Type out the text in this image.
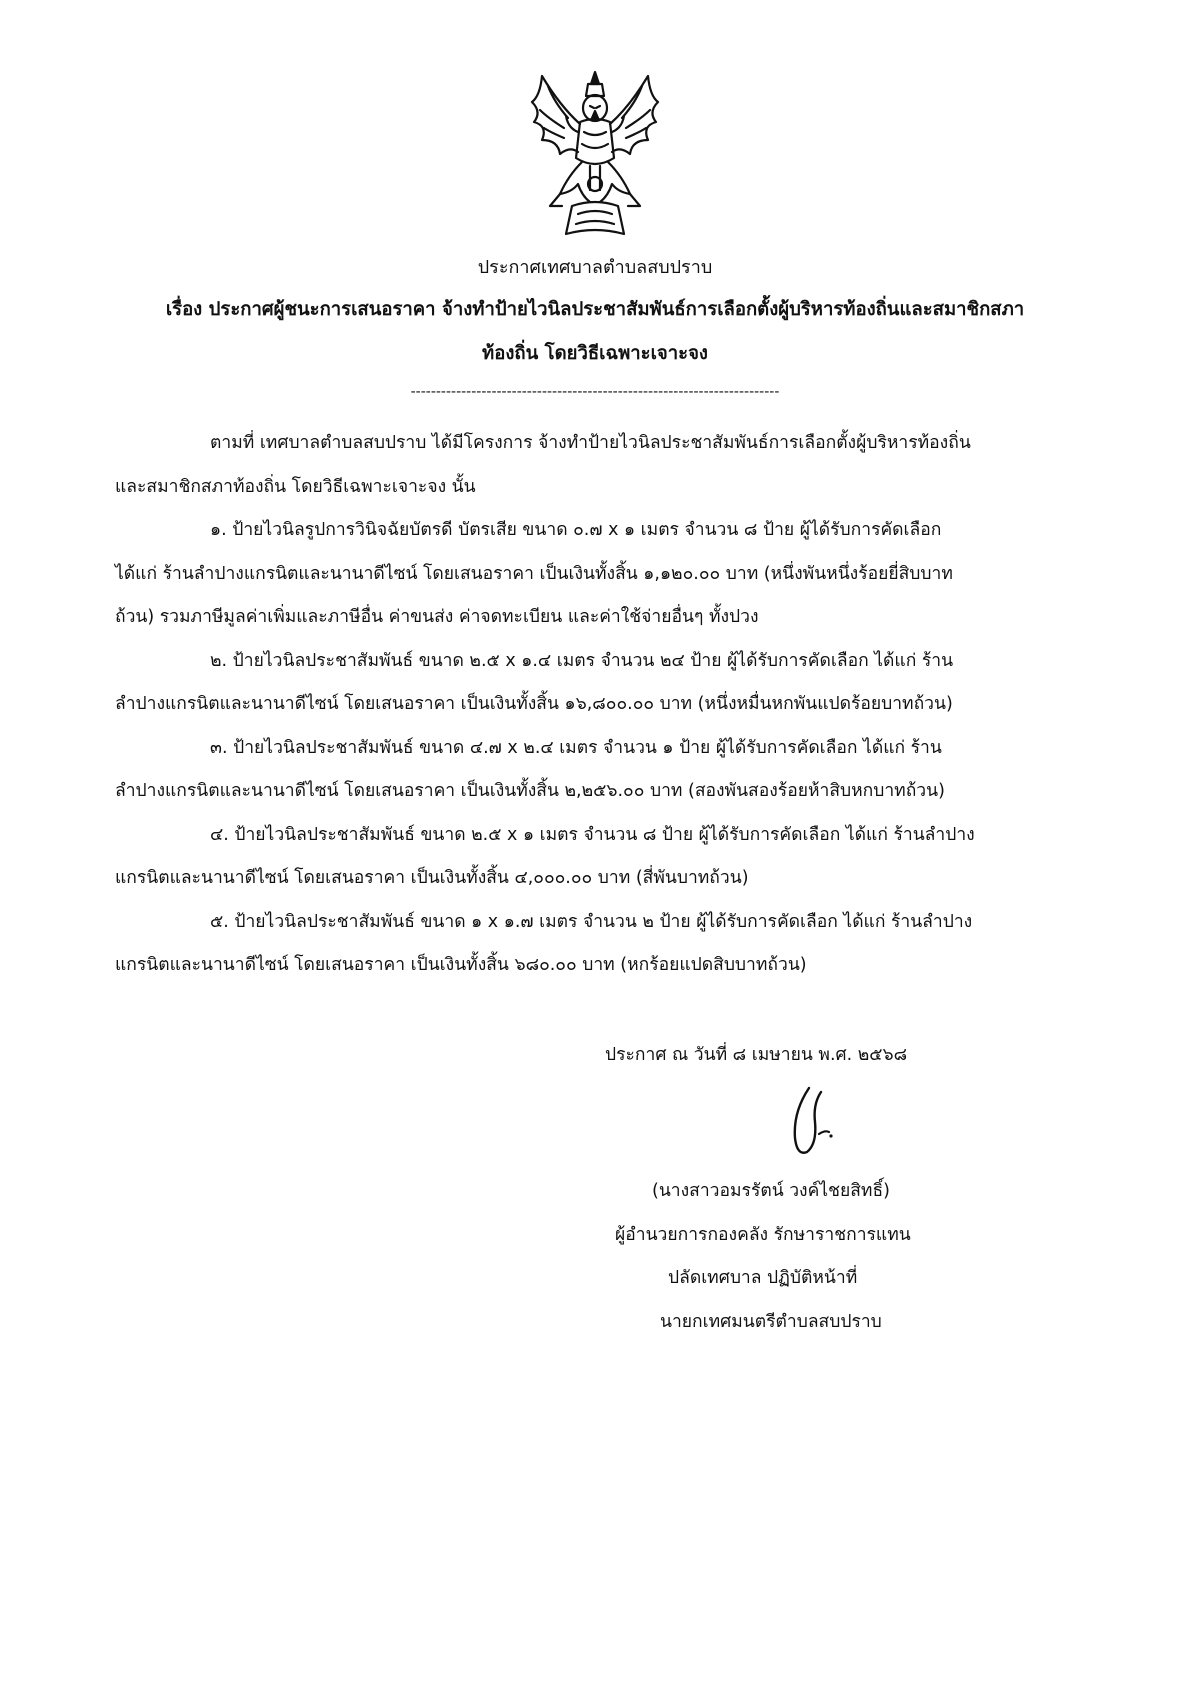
ประกาศเทศบาลตำบลสบปราบ
เรื่อง ประกาศผู้ชนะการเสนอราคา จ้างทำป้ายไวนิลประชาสัมพันธ์การเลือกตั้งผู้บริหารท้องถิ่นและสมาชิกสภา
ท้องถิ่น โดยวิธีเฉพาะเจาะจง
-------------------------------------------------------------------------
ตามที่ เทศบาลตำบลสบปราบ ได้มีโครงการ จ้างทำป้ายไวนิลประชาสัมพันธ์การเลือกตั้งผู้บริหารท้องถิ่น
และสมาชิกสภาท้องถิ่น โดยวิธีเฉพาะเจาะจง นั้น
๑. ป้ายไวนิลรูปการวินิจฉัยบัตรดี บัตรเสีย ขนาด ๐.๗ x ๑ เมตร จำนวน ๘ ป้าย ผู้ได้รับการคัดเลือก
ได้แก่ ร้านลำปางแกรนิตและนานาดีไซน์ โดยเสนอราคา เป็นเงินทั้งสิ้น ๑,๑๒๐.๐๐ บาท (หนึ่งพันหนึ่งร้อยยี่สิบบาท
ถ้วน) รวมภาษีมูลค่าเพิ่มและภาษีอื่น ค่าขนส่ง ค่าจดทะเบียน และค่าใช้จ่ายอื่นๆ ทั้งปวง
๒. ป้ายไวนิลประชาสัมพันธ์ ขนาด ๒.๕ x ๑.๔ เมตร จำนวน ๒๔ ป้าย ผู้ได้รับการคัดเลือก ได้แก่ ร้าน
ลำปางแกรนิตและนานาดีไซน์ โดยเสนอราคา เป็นเงินทั้งสิ้น ๑๖,๘๐๐.๐๐ บาท (หนึ่งหมื่นหกพันแปดร้อยบาทถ้วน)
๓. ป้ายไวนิลประชาสัมพันธ์ ขนาด ๔.๗ x ๒.๔ เมตร จำนวน ๑ ป้าย ผู้ได้รับการคัดเลือก ได้แก่ ร้าน
ลำปางแกรนิตและนานาดีไซน์ โดยเสนอราคา เป็นเงินทั้งสิ้น ๒,๒๕๖.๐๐ บาท (สองพันสองร้อยห้าสิบหกบาทถ้วน)
๔. ป้ายไวนิลประชาสัมพันธ์ ขนาด ๒.๕ x ๑ เมตร จำนวน ๘ ป้าย ผู้ได้รับการคัดเลือก ได้แก่ ร้านลำปาง
แกรนิตและนานาดีไซน์ โดยเสนอราคา เป็นเงินทั้งสิ้น ๔,๐๐๐.๐๐ บาท (สี่พันบาทถ้วน)
๕. ป้ายไวนิลประชาสัมพันธ์ ขนาด ๑ x ๑.๗ เมตร จำนวน ๒ ป้าย ผู้ได้รับการคัดเลือก ได้แก่ ร้านลำปาง
แกรนิตและนานาดีไซน์ โดยเสนอราคา เป็นเงินทั้งสิ้น ๖๘๐.๐๐ บาท (หกร้อยแปดสิบบาทถ้วน)
ประกาศ ณ วันที่ ๘ เมษายน พ.ศ. ๒๕๖๘
(นางสาวอมรรัตน์ วงค์ไชยสิทธิ์)
ผู้อำนวยการกองคลัง รักษาราชการแทน
ปลัดเทศบาล ปฏิบัติหน้าที่
นายกเทศมนตรีตำบลสบปราบ
